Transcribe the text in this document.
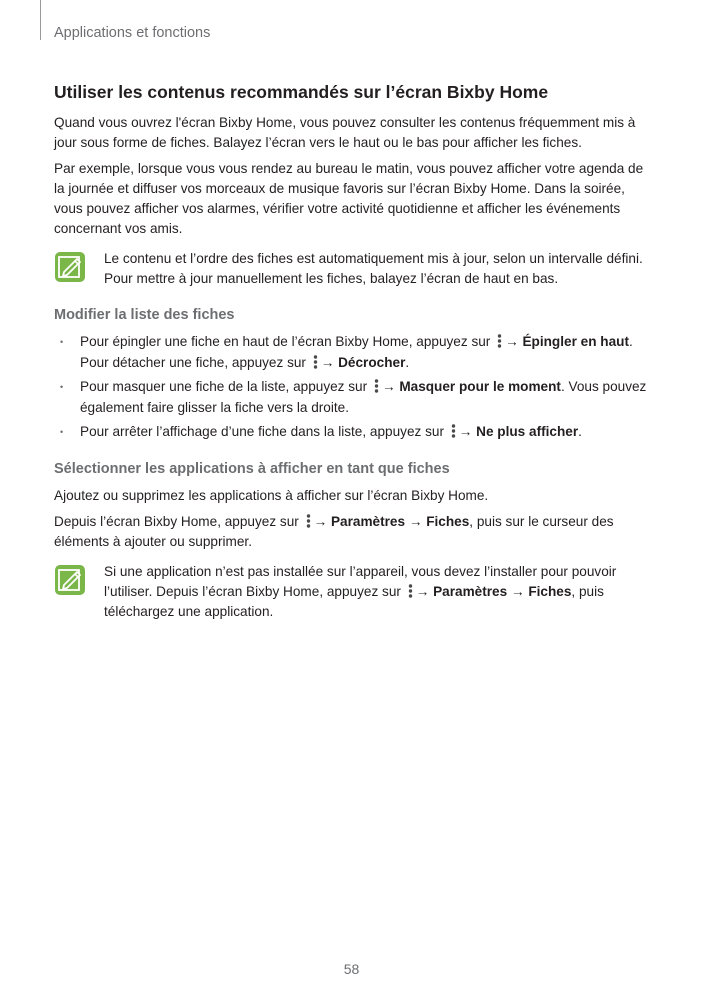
Applications et fonctions
Utiliser les contenus recommandés sur l’écran Bixby Home

Quand vous ouvrez l'écran Bixby Home, vous pouvez consulter les contenus fréquemment mis à jour sous forme de fiches. Balayez l’écran vers le haut ou le bas pour afficher les fiches.

Par exemple, lorsque vous vous rendez au bureau le matin, vous pouvez afficher votre agenda de la journée et diffuser vos morceaux de musique favoris sur l’écran Bixby Home. Dans la soirée, vous pouvez afficher vos alarmes, vérifier votre activité quotidienne et afficher les événements concernant vos amis.

Le contenu et l’ordre des fiches est automatiquement mis à jour, selon un intervalle défini. Pour mettre à jour manuellement les fiches, balayez l’écran de haut en bas.

Modifier la liste des fiches
• Pour épingler une fiche en haut de l’écran Bixby Home, appuyez sur → Épingler en haut. Pour détacher une fiche, appuyez sur → Décrocher.
• Pour masquer une fiche de la liste, appuyez sur → Masquer pour le moment. Vous pouvez également faire glisser la fiche vers la droite.
• Pour arrêter l’affichage d’une fiche dans la liste, appuyez sur → Ne plus afficher.
Sélectionner les applications à afficher en tant que fiches

Ajoutez ou supprimez les applications à afficher sur l’écran Bixby Home.

Depuis l’écran Bixby Home, appuyez sur → Paramètres → Fiches, puis sur le curseur des éléments à ajouter ou supprimer.

Si une application n’est pas installée sur l’appareil, vous devez l’installer pour pouvoir l’utiliser. Depuis l’écran Bixby Home, appuyez sur → Paramètres → Fiches, puis téléchargez une application.

58
